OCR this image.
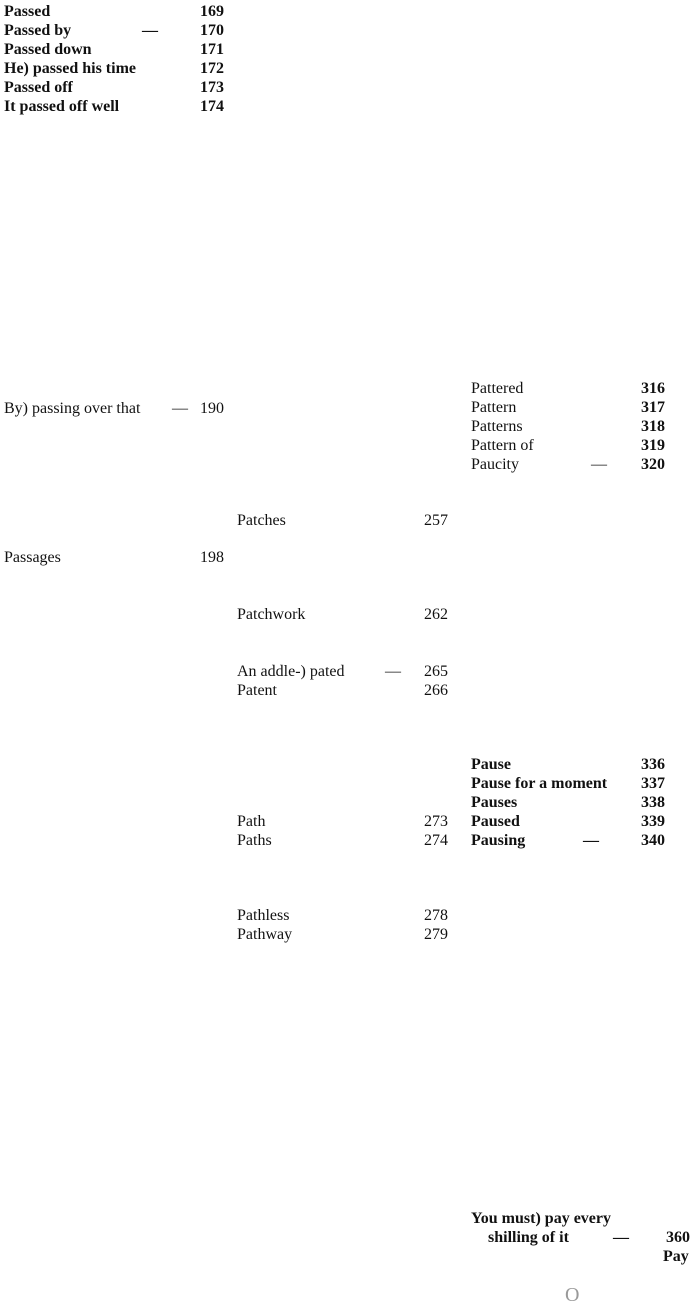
Passed	169
Passed by	—	170
Passed down	171
He) passed his time	172
Passed off	173
It passed off well	174
By) passing over that — 190
Passages	198
Patches	257
Patchwork	262
An addle-) pated	— 265
Patent	266
Path	273
Paths	274
Pathless	278
Pathway	279
Pattered	316
Pattern	317
Patterns	318
Pattern of	319
Paucity	— 320
Pause	336
Pause for a moment 337
Pauses	338
Paused	339
Pausing	—	340
You must) pay every
shilling of it	— 360
Pay
O
